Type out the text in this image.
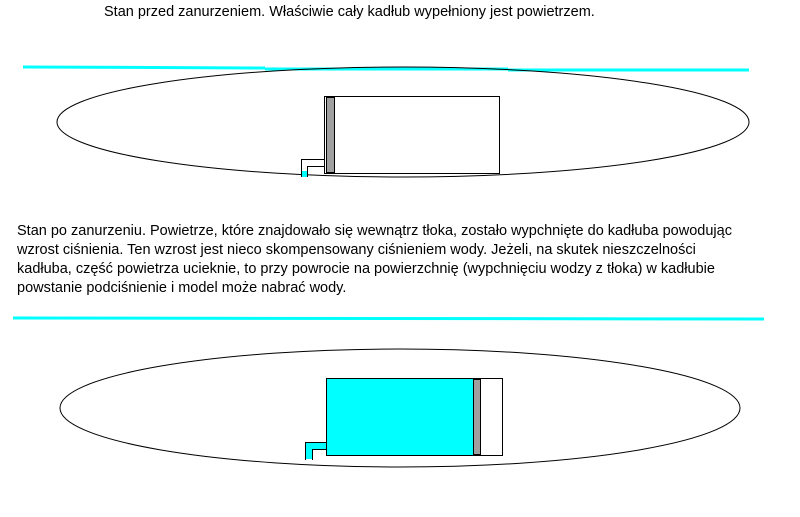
Stan przed zanurzeniem. Właściwie cały kadłub wypełniony jest powietrzem.

Stan po zanurzeniu. Powietrze, które znajdowało się wewnątrz tłoka, zostało wypchnięte do kadłuba powodując
wzrost ciśnienia. Ten wzrost jest nieco skompensowany ciśnieniem wody. Jeżeli, na skutek nieszczelności
kadłuba, część powietrza ucieknie, to przy powrocie na powierzchnię (wypchnięciu wodzy z tłoka) w kadłubie
powstanie podciśnienie i model może nabrać wody.
